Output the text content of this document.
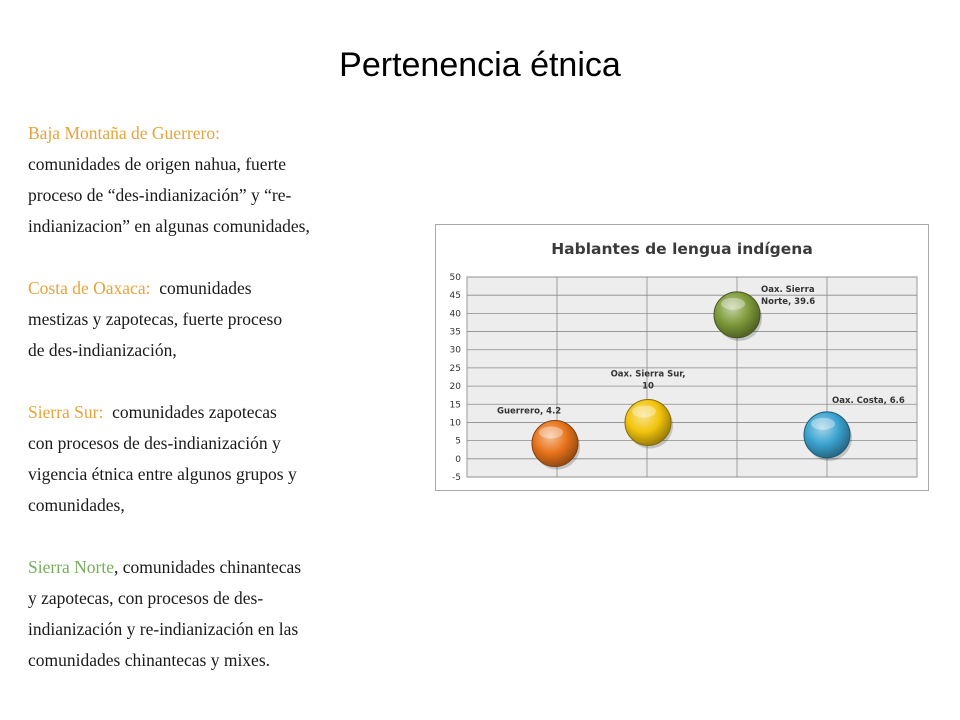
Pertenencia étnica
Baja Montaña de Guerrero:
comunidades de origen nahua, fuerte
proceso de “des-indianización” y “re-
indianizacion” en algunas comunidades,
Costa de Oaxaca:  comunidades
mestizas y zapotecas, fuerte proceso
de des-indianización,
Sierra Sur:  comunidades zapotecas
con procesos de des-indianización y
vigencia étnica entre algunos grupos y
comunidades,
Sierra Norte, comunidades chinantecas
y zapotecas, con procesos de des-
indianización y re-indianización en las
comunidades chinantecas y mixes.
Hablantes de lengua indígena
-5
0
5
10
15
20
25
30
35
40
45
50
Guerrero, 4.2
Oax. Sierra Sur,
10
Oax. Sierra
Norte, 39.6
Oax. Costa, 6.6
